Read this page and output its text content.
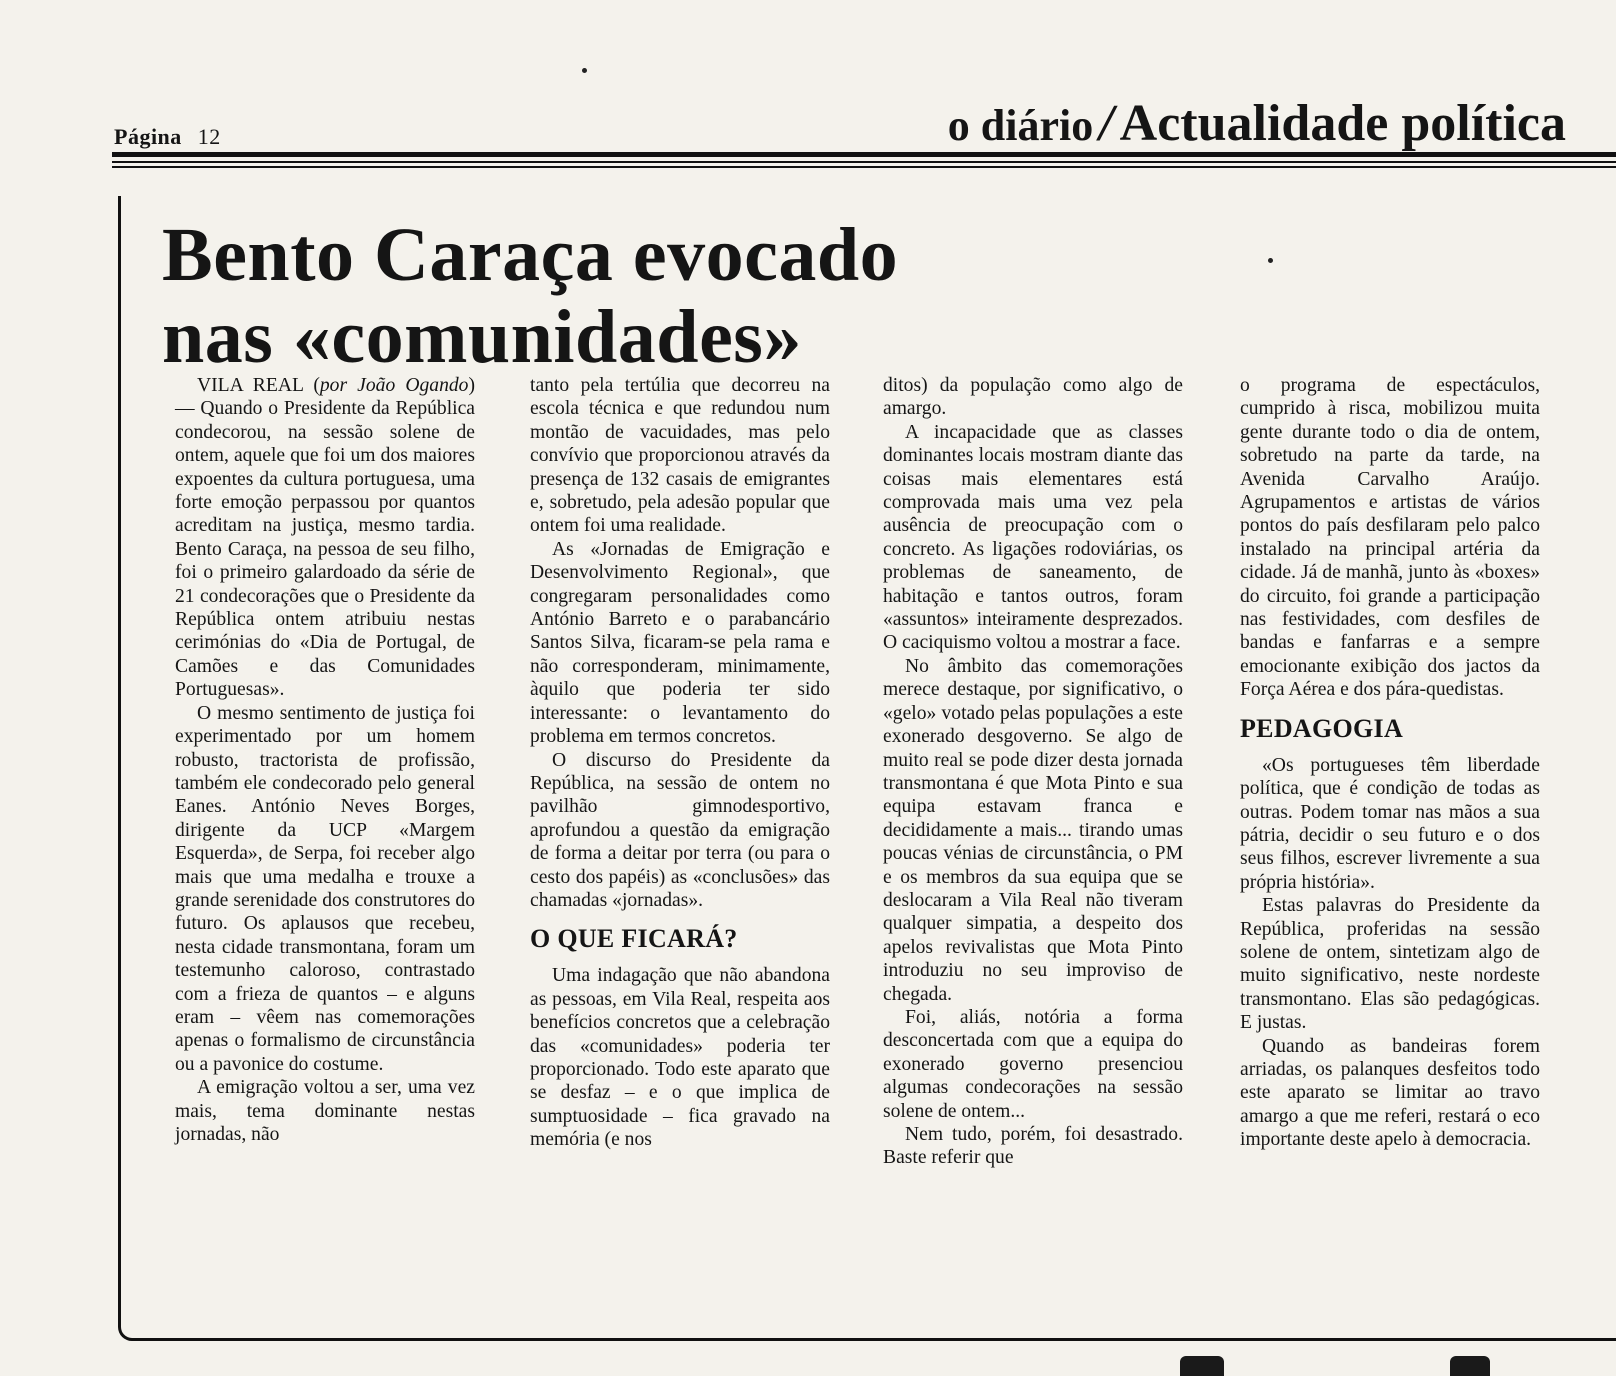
Página 12	o diário / Actualidade política
Bento Caraça evocado
nas «comunidades»

VILA REAL (por João Ogando) — Quando o Presidente da República condecorou, na sessão solene de ontem, aquele que foi um dos maiores expoentes da cultura portuguesa, uma forte emoção perpassou por quantos acreditam na justiça, mesmo tardia. Bento Caraça, na pessoa de seu filho, foi o primeiro galardoado da série de 21 condecorações que o Presidente da República ontem atribuiu nestas cerimónias do «Dia de Portugal, de Camões e das Comunidades Portuguesas».

O mesmo sentimento de justiça foi experimentado por um homem robusto, tractorista de profissão, também ele condecorado pelo general Eanes. António Neves Borges, dirigente da UCP «Margem Esquerda», de Serpa, foi receber algo mais que uma medalha e trouxe a grande serenidade dos construtores do futuro. Os aplausos que recebeu, nesta cidade transmontana, foram um testemunho caloroso, contrastado com a frieza de quantos – e alguns eram – vêem nas comemorações apenas o formalismo de circunstância ou a pavonice do costume.

A emigração voltou a ser, uma vez mais, tema dominante nestas jornadas, não

tanto pela tertúlia que decorreu na escola técnica e que redundou num montão de vacuidades, mas pelo convívio que proporcionou através da presença de 132 casais de emigrantes e, sobretudo, pela adesão popular que ontem foi uma realidade.

As «Jornadas de Emigração e Desenvolvimento Regional», que congregaram personalidades como António Barreto e o parabancário Santos Silva, ficaram-se pela rama e não corresponderam, minimamente, àquilo que poderia ter sido interessante: o levantamento do problema em termos concretos.

O discurso do Presidente da República, na sessão de ontem no pavilhão gimnodesportivo, aprofundou a questão da emigração de forma a deitar por terra (ou para o cesto dos papéis) as «conclusões» das chamadas «jornadas».

O QUE FICARÁ?

Uma indagação que não abandona as pessoas, em Vila Real, respeita aos benefícios concretos que a celebração das «comunidades» poderia ter proporcionado. Todo este aparato que se desfaz – e o que implica de sumptuosidade – fica gravado na memória (e nos

ditos) da população como algo de amargo.

A incapacidade que as classes dominantes locais mostram diante das coisas mais elementares está comprovada mais uma vez pela ausência de preocupação com o concreto. As ligações rodoviárias, os problemas de saneamento, de habitação e tantos outros, foram «assuntos» inteiramente desprezados. O caciquismo voltou a mostrar a face.

No âmbito das comemorações merece destaque, por significativo, o «gelo» votado pelas populações a este exonerado desgoverno. Se algo de muito real se pode dizer desta jornada transmontana é que Mota Pinto e sua equipa estavam franca e decididamente a mais... tirando umas poucas vénias de circunstância, o PM e os membros da sua equipa que se deslocaram a Vila Real não tiveram qualquer simpatia, a despeito dos apelos revivalistas que Mota Pinto introduziu no seu improviso de chegada.

Foi, aliás, notória a forma desconcertada com que a equipa do exonerado governo presenciou algumas condecorações na sessão solene de ontem...

Nem tudo, porém, foi desastrado. Baste referir que

o programa de espectáculos, cumprido à risca, mobilizou muita gente durante todo o dia de ontem, sobretudo na parte da tarde, na Avenida Carvalho Araújo. Agrupamentos e artistas de vários pontos do país desfilaram pelo palco instalado na principal artéria da cidade. Já de manhã, junto às «boxes» do circuito, foi grande a participação nas festividades, com desfiles de bandas e fanfarras e a sempre emocionante exibição dos jactos da Força Aérea e dos pára-quedistas.

PEDAGOGIA

«Os portugueses têm liberdade política, que é condição de todas as outras. Podem tomar nas mãos a sua pátria, decidir o seu futuro e o dos seus filhos, escrever livremente a sua própria história».

Estas palavras do Presidente da República, proferidas na sessão solene de ontem, sintetizam algo de muito significativo, neste nordeste transmontano. Elas são pedagógicas. E justas.

Quando as bandeiras forem arriadas, os palanques desfeitos todo este aparato se limitar ao travo amargo a que me referi, restará o eco importante deste apelo à democracia.
